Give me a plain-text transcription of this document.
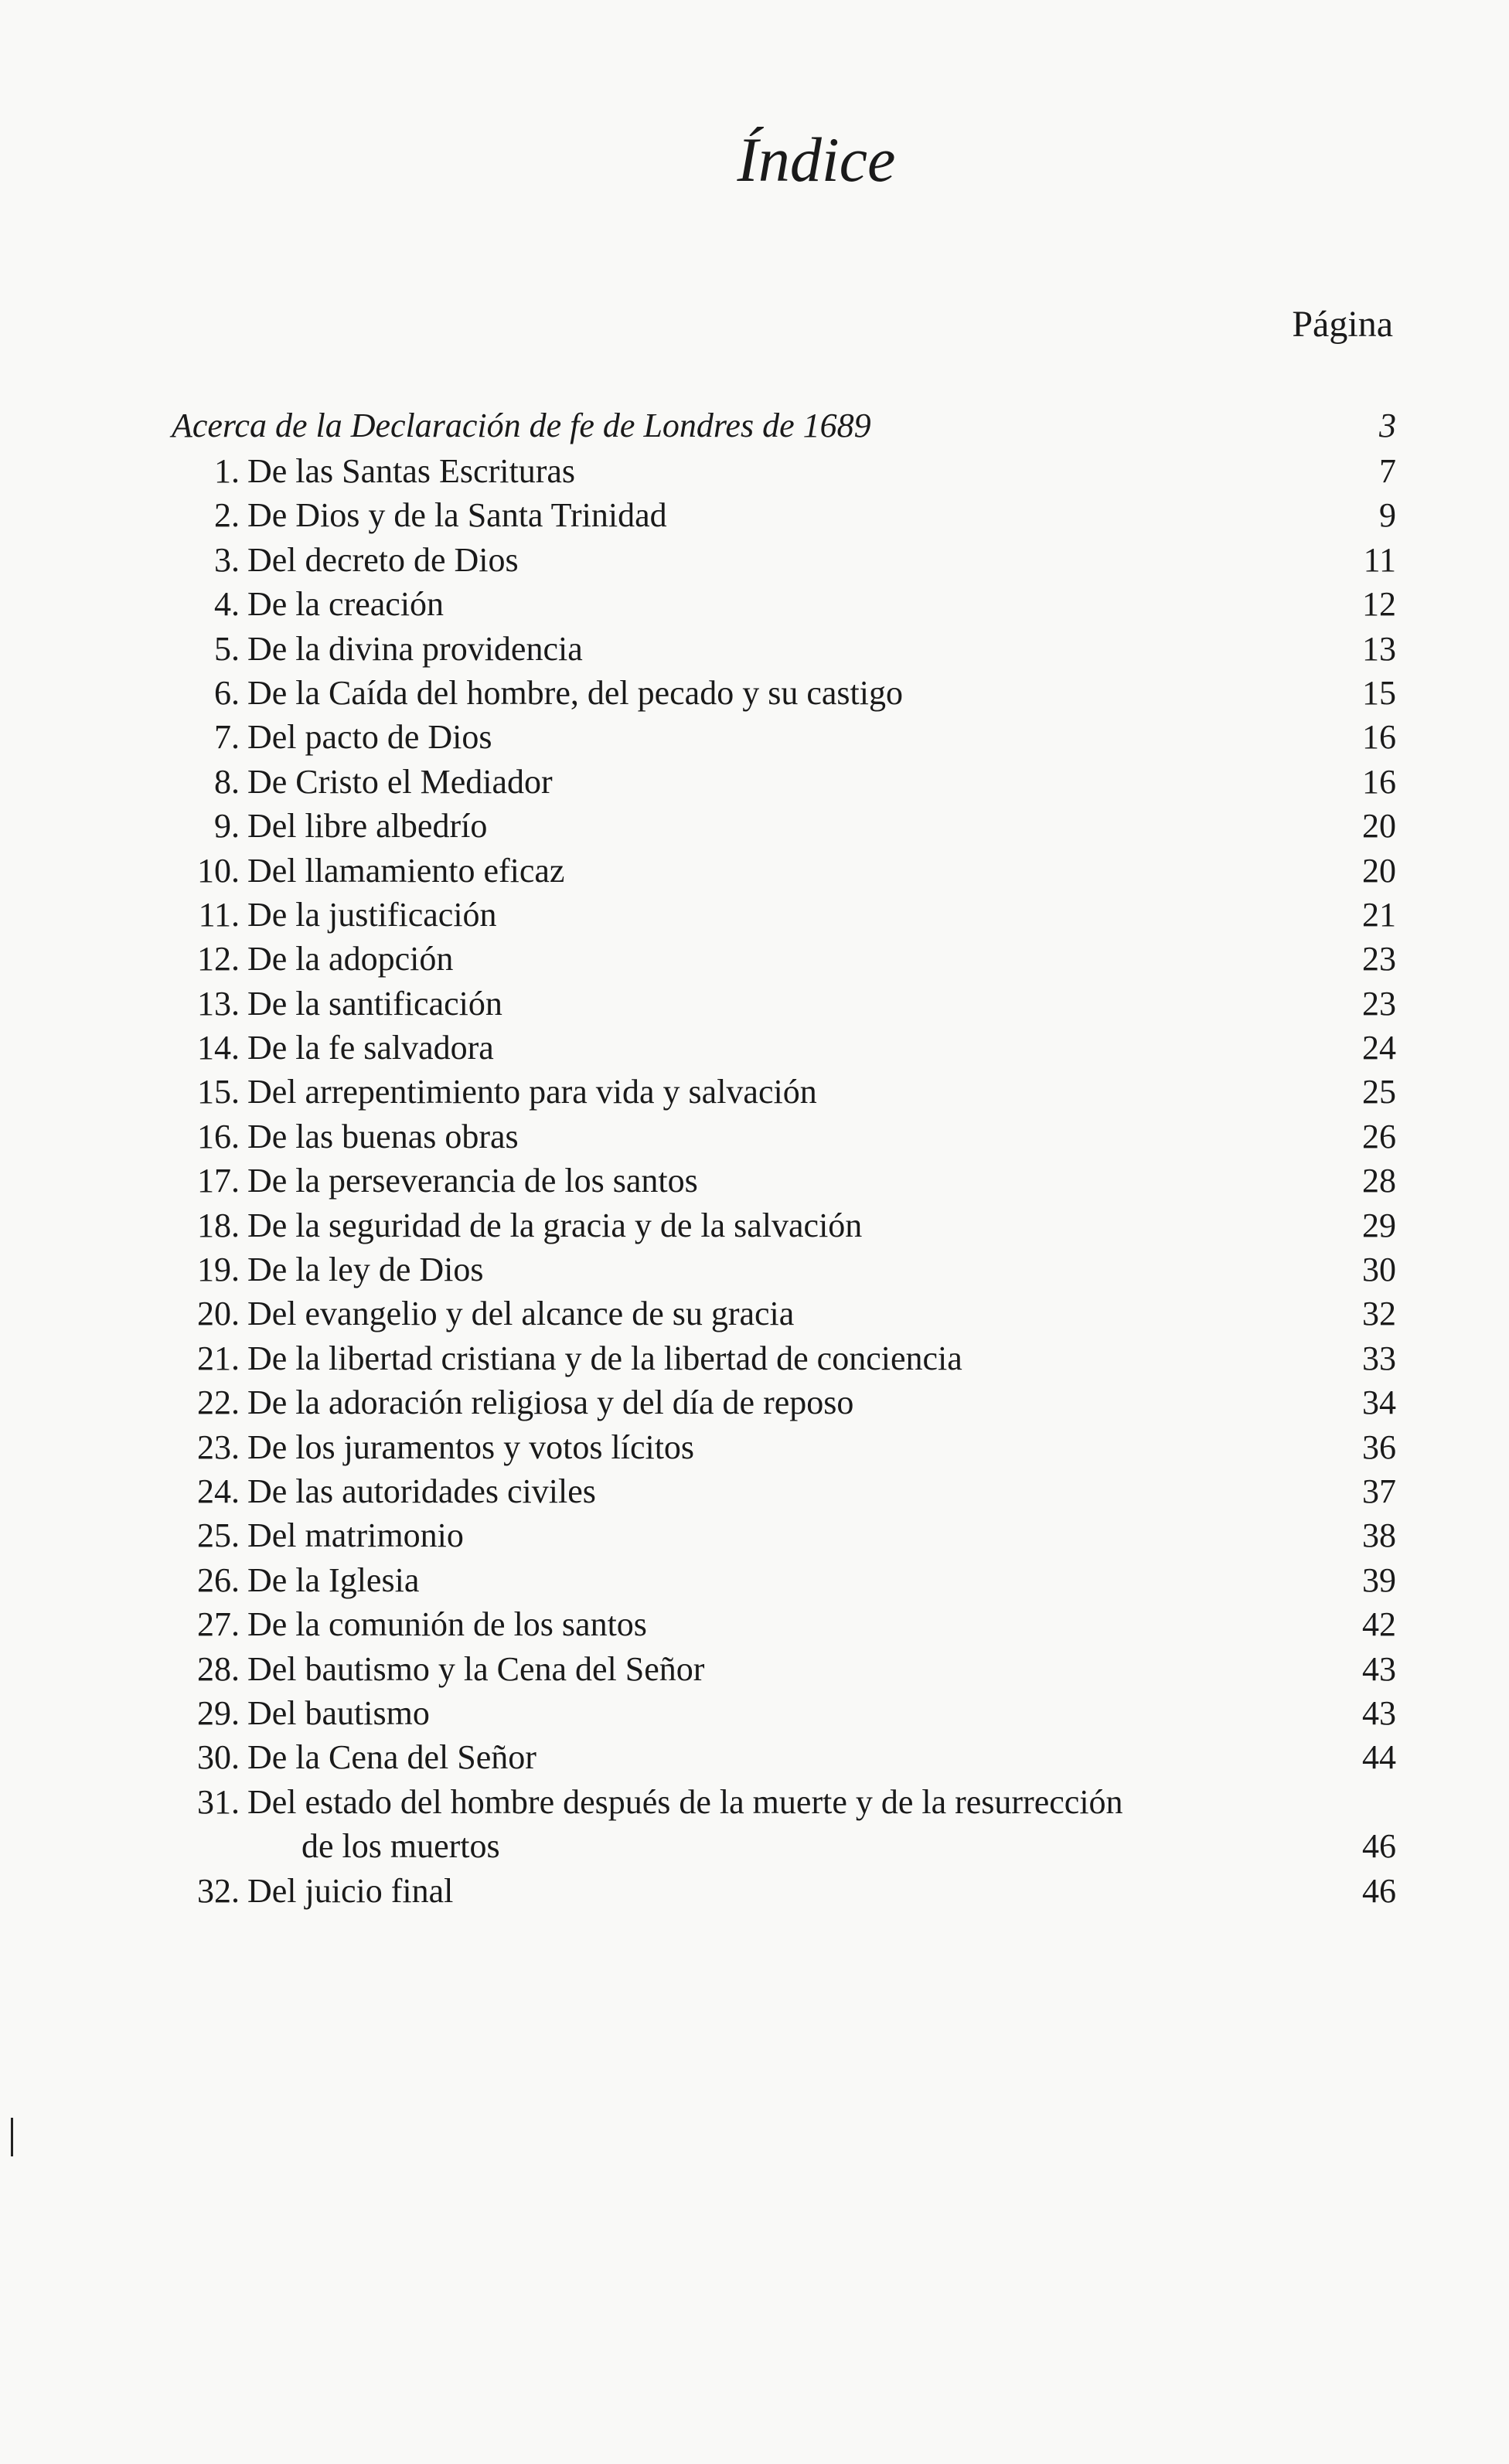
Índice
Página
Acerca de la Declaración de fe de Londres de 1689	3
1. De las Santas Escrituras	7
2. De Dios y de la Santa Trinidad	9
3. Del decreto de Dios	11
4. De la creación	12
5. De la divina providencia	13
6. De la Caída del hombre, del pecado y su castigo	15
7. Del pacto de Dios	16
8. De Cristo el Mediador	16
9. Del libre albedrío	20
10. Del llamamiento eficaz	20
11. De la justificación	21
12. De la adopción	23
13. De la santificación	23
14. De la fe salvadora	24
15. Del arrepentimiento para vida y salvación	25
16. De las buenas obras	26
17. De la perseverancia de los santos	28
18. De la seguridad de la gracia y de la salvación	29
19. De la ley de Dios	30
20. Del evangelio y del alcance de su gracia	32
21. De la libertad cristiana y de la libertad de conciencia	33
22. De la adoración religiosa y del día de reposo	34
23. De los juramentos y votos lícitos	36
24. De las autoridades civiles	37
25. Del matrimonio	38
26. De la Iglesia	39
27. De la comunión de los santos	42
28. Del bautismo y la Cena del Señor	43
29. Del bautismo	43
30. De la Cena del Señor	44
31. Del estado del hombre después de la muerte y de la resurrección
de los muertos	46
32. Del juicio final	46
